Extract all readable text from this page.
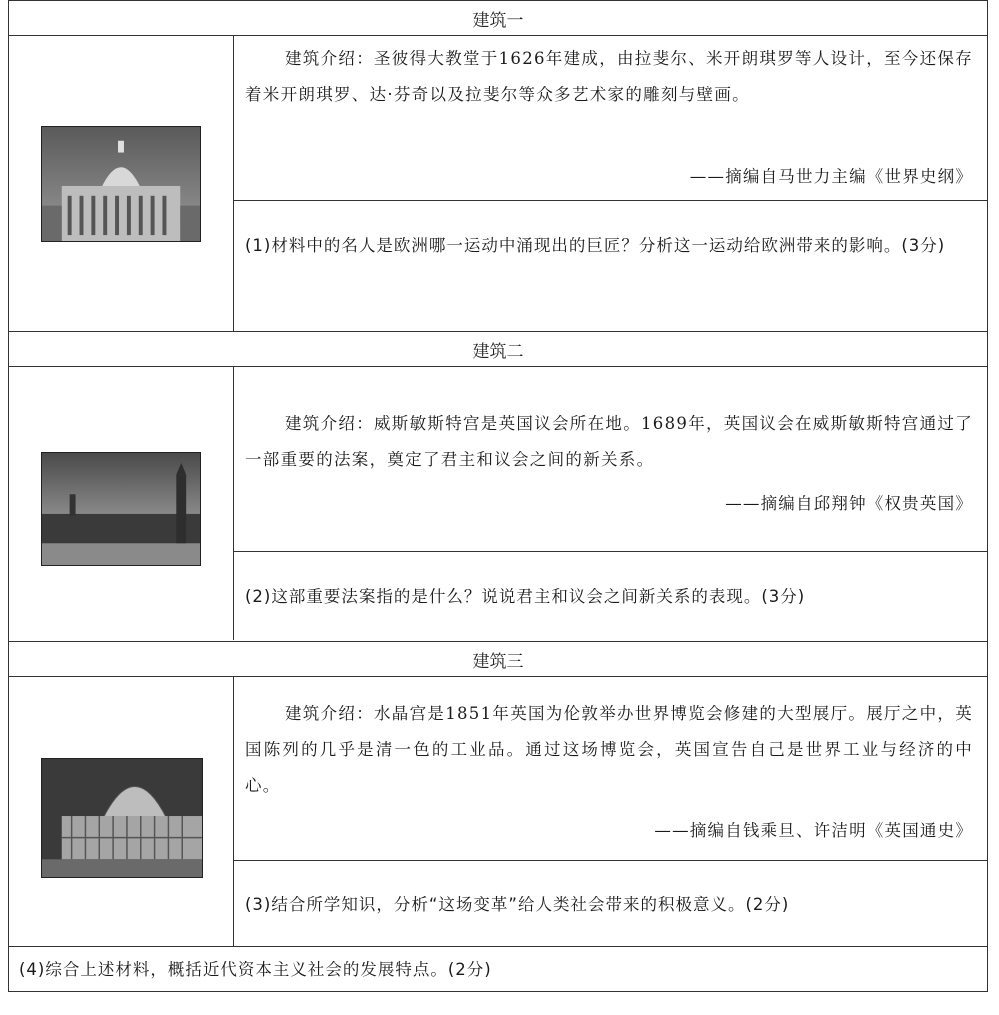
建筑一
建筑介绍：圣彼得大教堂于1626年建成，由拉斐尔、米开朗琪罗等人设计，至今还保存着米开朗琪罗、达·芬奇以及拉斐尔等众多艺术家的雕刻与壁画。
——摘编自马世力主编《世界史纲》
(1)材料中的名人是欧洲哪一运动中涌现出的巨匠？分析这一运动给欧洲带来的影响。(3分)
建筑二
建筑介绍：威斯敏斯特宫是英国议会所在地。1689年，英国议会在威斯敏斯特宫通过了一部重要的法案，奠定了君主和议会之间的新关系。
——摘编自邱翔钟《权贵英国》
(2)这部重要法案指的是什么？说说君主和议会之间新关系的表现。(3分)
建筑三
建筑介绍：水晶宫是1851年英国为伦敦举办世界博览会修建的大型展厅。展厅之中，英国陈列的几乎是清一色的工业品。通过这场博览会，英国宣告自己是世界工业与经济的中心。
——摘编自钱乘旦、许洁明《英国通史》
(3)结合所学知识，分析“这场变革”给人类社会带来的积极意义。(2分)
(4)综合上述材料，概括近代资本主义社会的发展特点。(2分)
